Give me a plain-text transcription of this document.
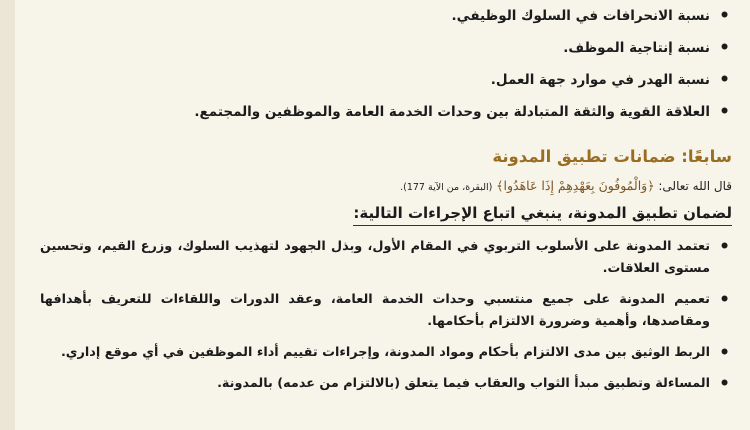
• نسبة الانحرافات في السلوك الوظيفي.
• نسبة إنتاجية الموظف.
• نسبة الهدر في موارد جهة العمل.
• العلاقة القوية والثقة المتبادلة بين وحدات الخدمة العامة والموظفين والمجتمع.
سابعًا: ضمانات تطبيق المدونة
قال الله تعالى: ﴿وَالْمُوفُونَ بِعَهْدِهِمْ إِذَا عَاهَدُوا﴾ (البقرة، من الآية 177).
لضمان تطبيق المدونة، ينبغي اتباع الإجراءات التالية:
• تعتمد المدونة على الأسلوب التربوي في المقام الأول، وبذل الجهود لتهذيب السلوك، وزرع القيم، وتحسين مستوى العلاقات.
• تعميم المدونة على جميع منتسبي وحدات الخدمة العامة، وعقد الدورات واللقاءات للتعريف بأهدافها ومقاصدها، وأهمية وضرورة الالتزام بأحكامها.
• الربط الوثيق بين مدى الالتزام بأحكام ومواد المدونة، وإجراءات تقييم أداء الموظفين في أي موقع إداري.
• المساءلة وتطبيق مبدأ الثواب والعقاب فيما يتعلق (بالالتزام من عدمه) بالمدونة.
